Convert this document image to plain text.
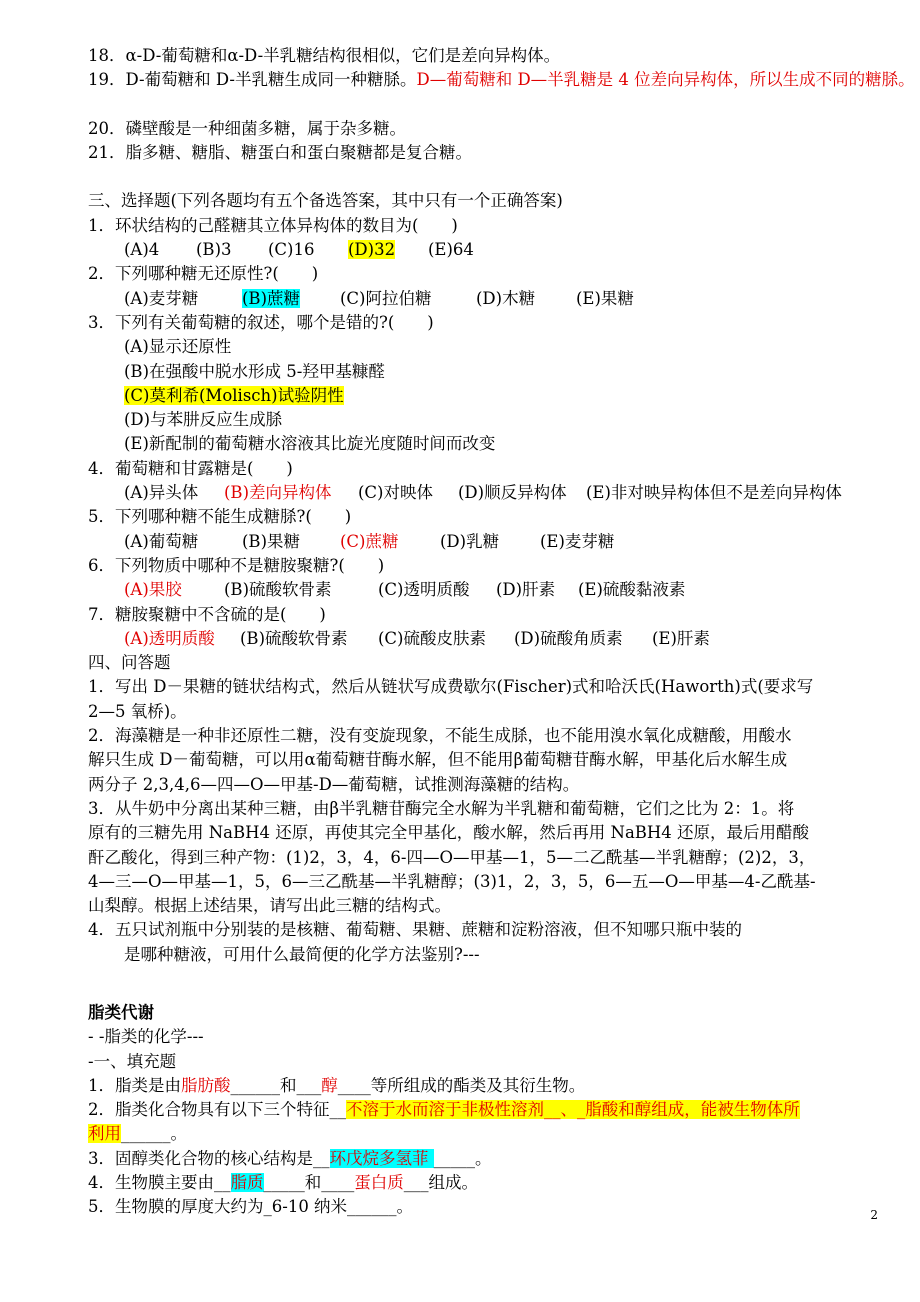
18．α-D-葡萄糖和α-D-半乳糖结构很相似，它们是差向异构体。
19．D-葡萄糖和 D-半乳糖生成同一种糖脎。D—葡萄糖和 D—半乳糖是 4 位差向异构体，所以生成不同的糖脎。
20．磷壁酸是一种细菌多糖，属于杂多糖。
21．脂多糖、糖脂、糖蛋白和蛋白聚糖都是复合糖。
三、选择题(下列各题均有五个备选答案，其中只有一个正确答案)
1．环状结构的己醛糖其立体异构体的数目为(　　)
(A)4 (B)3 (C)16 (D)32 (E)64
2．下列哪种糖无还原性?(　　)
(A)麦芽糖	(B)蔗糖 (C)阿拉伯糖	(D)木糖 (E)果糖
3．下列有关葡萄糖的叙述，哪个是错的?(　　)
(A)显示还原性
(B)在强酸中脱水形成 5-羟甲基糠醛
(C)莫利希(Molisch)试验阴性
(D)与苯肼反应生成脎
(E)新配制的葡萄糖水溶液其比旋光度随时间而改变
4．葡萄糖和甘露糖是(　　)
(A)异头体 (B)差向异构体 (C)对映体 (D)顺反异构体 (E)非对映异构体但不是差向异构体
5．下列哪种糖不能生成糖脎?(　　)
(A)葡萄糖	(B)果糖 (C)蔗糖	(D)乳糖 (E)麦芽糖
6．下列物质中哪种不是糖胺聚糖?(　　)
(A)果胶	(B)硫酸软骨素	(C)透明质酸 (D)肝素 (E)硫酸黏液素
7．糖胺聚糖中不含硫的是(　　)
(A)透明质酸 (B)硫酸软骨素 (C)硫酸皮肤素 (D)硫酸角质素 (E)肝素
四、问答题
1．写出 D－果糖的链状结构式，然后从链状写成费歇尔(Fischer)式和哈沃氏(Haworth)式(要求写
2—5 氧桥)。
2．海藻糖是一种非还原性二糖，没有变旋现象，不能生成脎，也不能用溴水氧化成糖酸，用酸水
解只生成 D－葡萄糖，可以用α葡萄糖苷酶水解，但不能用β葡萄糖苷酶水解，甲基化后水解生成
两分子 2,3,4,6—四—O—甲基-D—葡萄糖，试推测海藻糖的结构。
3．从牛奶中分离出某种三糖，由β半乳糖苷酶完全水解为半乳糖和葡萄糖，它们之比为 2：1。将
原有的三糖先用 NaBH4 还原，再使其完全甲基化，酸水解，然后再用 NaBH4 还原，最后用醋酸
酐乙酸化，得到三种产物：(1)2，3，4，6-四—O—甲基—1，5—二乙酰基—半乳糖醇；(2)2，3，
4—三—O—甲基—1，5，6—三乙酰基—半乳糖醇；(3)1，2，3，5，6—五—O—甲基—4-乙酰基-
山梨醇。根据上述结果，请写出此三糖的结构式。
4．五只试剂瓶中分别装的是核糖、葡萄糖、果糖、蔗糖和淀粉溶液，但不知哪只瓶中装的
是哪种糖液，可用什么最简便的化学方法鉴别?---
脂类代谢
- -脂类的化学---
-一、填充题
1．脂类是由脂肪酸______和___醇____等所组成的酯类及其衍生物。
2．脂类化合物具有以下三个特征__不溶于水而溶于非极性溶剂__、_脂酸和醇组成，能被生物体所
利用______。
3．固醇类化合物的核心结构是__环戊烷多氢菲 _____。
4．生物膜主要由__脂质_____和____蛋白质___组成。
5．生物膜的厚度大约为_6-10 纳米______。	2
